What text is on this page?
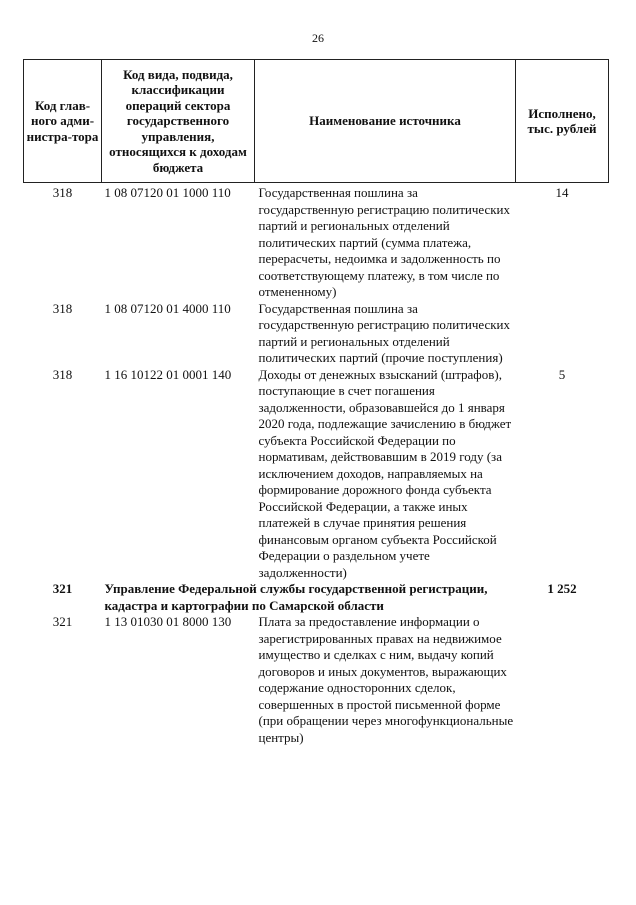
26
Код глав-ного адми-нистра-тора	Код вида, подвида, классификации операций сектора государственного управления, относящихся к доходам бюджета	Наименование источника	Исполнено, тыс. рублей
318	1 08 07120 01 1000 110	Государственная пошлина за государственную регистрацию политических партий и региональных отделений политических партий (сумма платежа, перерасчеты, недоимка и задолженность по соответствующему платежу, в том числе по отмененному)	14
318	1 08 07120 01 4000 110	Государственная пошлина за государственную регистрацию политических партий и региональных отделений политических партий (прочие поступления)	
318	1 16 10122 01 0001 140	Доходы от денежных взысканий (штрафов), поступающие в счет погашения задолженности, образовавшейся до 1 января 2020 года, подлежащие зачислению в бюджет субъекта Российской Федерации по нормативам, действовавшим в 2019 году (за исключением доходов, направляемых на формирование дорожного фонда субъекта Российской Федерации, а также иных платежей в случае принятия решения финансовым органом субъекта Российской Федерации о раздельном учете задолженности)	5
321	Управление Федеральной службы государственной регистрации, кадастра и картографии по Самарской области		1 252
321	1 13 01030 01 8000 130	Плата за предоставление информации о зарегистрированных правах на недвижимое имущество и сделках с ним, выдачу копий договоров и иных документов, выражающих содержание односторонних сделок, совершенных в простой письменной форме (при обращении через многофункциональные центры)	
